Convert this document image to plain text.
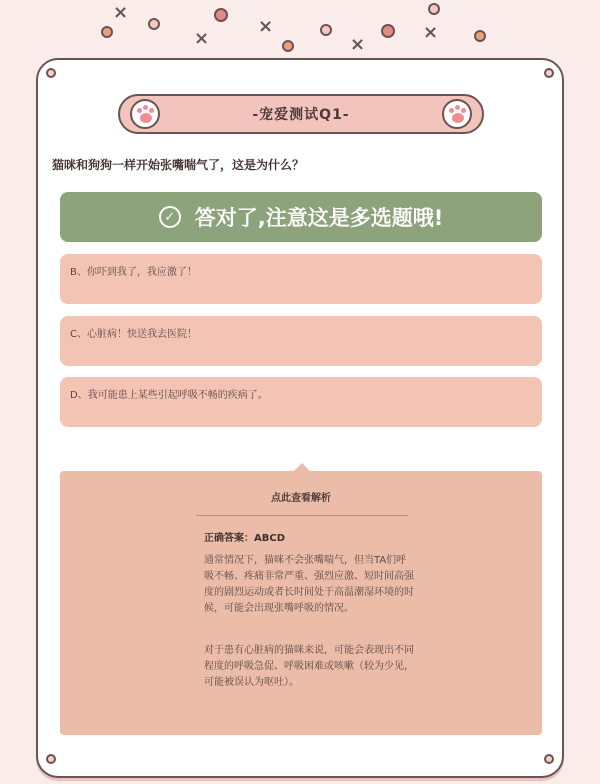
×
×
×
×
×
-宠爱测试Q1-
猫咪和狗狗一样开始张嘴喘气了，这是为什么？
✓ 答对了,注意这是多选题哦!
B、你吓到我了，我应激了！
C、心脏病！快送我去医院！
D、我可能患上某些引起呼吸不畅的疾病了。
点此查看解析
正确答案：ABCD
通常情况下，猫咪不会张嘴喘气，但当TA们呼吸不畅、疼痛非常严重、强烈应激、短时间高强度的剧烈运动或者长时间处于高温潮湿环境的时候，可能会出现张嘴呼吸的情况。
对于患有心脏病的猫咪来说，可能会表现出不同程度的呼吸急促、呼吸困难或咳嗽（较为少见，可能被误认为呕吐）。
